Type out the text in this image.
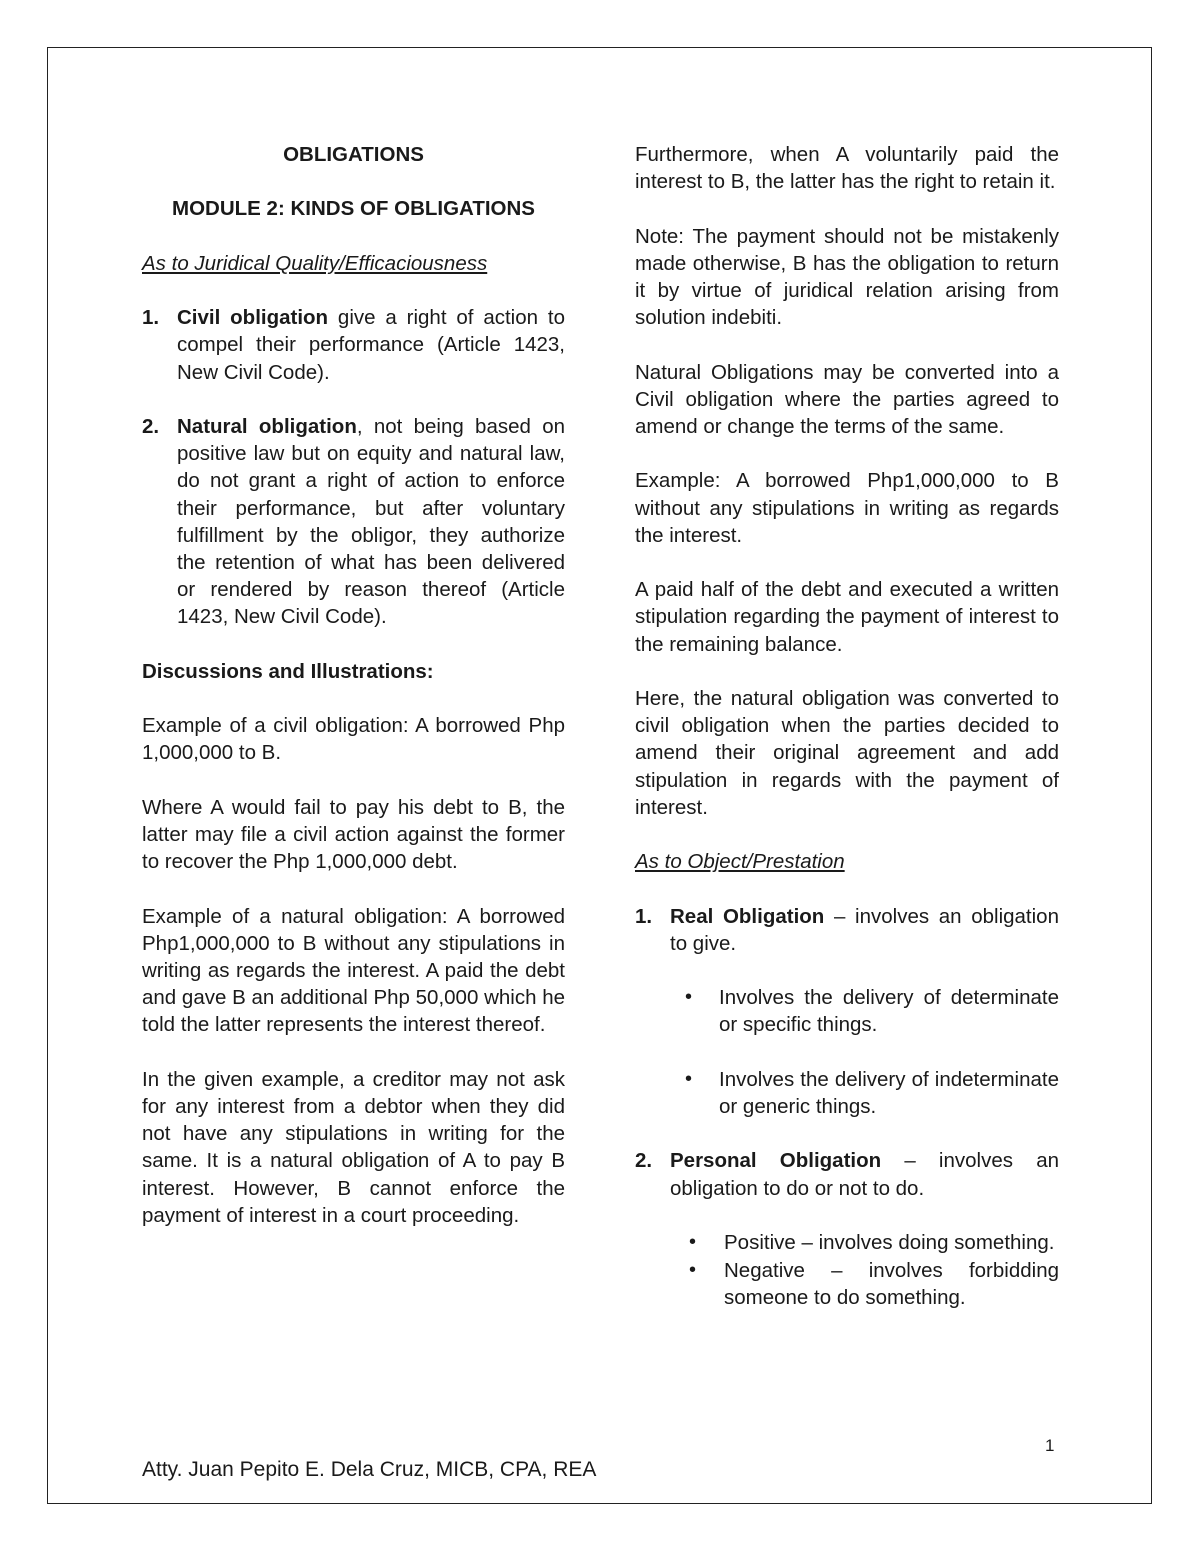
OBLIGATIONS

MODULE 2: KINDS OF OBLIGATIONS

As to Juridical Quality/Efficaciousness

1. Civil obligation give a right of action to compel their performance (Article 1423, New Civil Code).
2. Natural obligation, not being based on positive law but on equity and natural law, do not grant a right of action to enforce their performance, but after voluntary fulfillment by the obligor, they authorize the retention of what has been delivered or rendered by reason thereof (Article 1423, New Civil Code).

Discussions and Illustrations:

Example of a civil obligation: A borrowed Php 1,000,000 to B.

Where A would fail to pay his debt to B, the latter may file a civil action against the former to recover the Php 1,000,000 debt.

Example of a natural obligation: A borrowed Php1,000,000 to B without any stipulations in writing as regards the interest. A paid the debt and gave B an additional Php 50,000 which he told the latter represents the interest thereof.

In the given example, a creditor may not ask for any interest from a debtor when they did not have any stipulations in writing for the same. It is a natural obligation of A to pay B interest. However, B cannot enforce the payment of interest in a court proceeding.

Furthermore, when A voluntarily paid the interest to B, the latter has the right to retain it.

Note: The payment should not be mistakenly made otherwise, B has the obligation to return it by virtue of juridical relation arising from solution indebiti.

Natural Obligations may be converted into a Civil obligation where the parties agreed to amend or change the terms of the same.

Example: A borrowed Php1,000,000 to B without any stipulations in writing as regards the interest.

A paid half of the debt and executed a written stipulation regarding the payment of interest to the remaining balance.

Here, the natural obligation was converted to civil obligation when the parties decided to amend their original agreement and add stipulation in regards with the payment of interest.

As to Object/Prestation

1. Real Obligation – involves an obligation to give.
• Involves the delivery of determinate or specific things.
• Involves the delivery of indeterminate or generic things.
2. Personal Obligation – involves an obligation to do or not to do.
• Positive – involves doing something.
• Negative – involves forbidding someone to do something.
1
Atty. Juan Pepito E. Dela Cruz, MICB, CPA, REA
